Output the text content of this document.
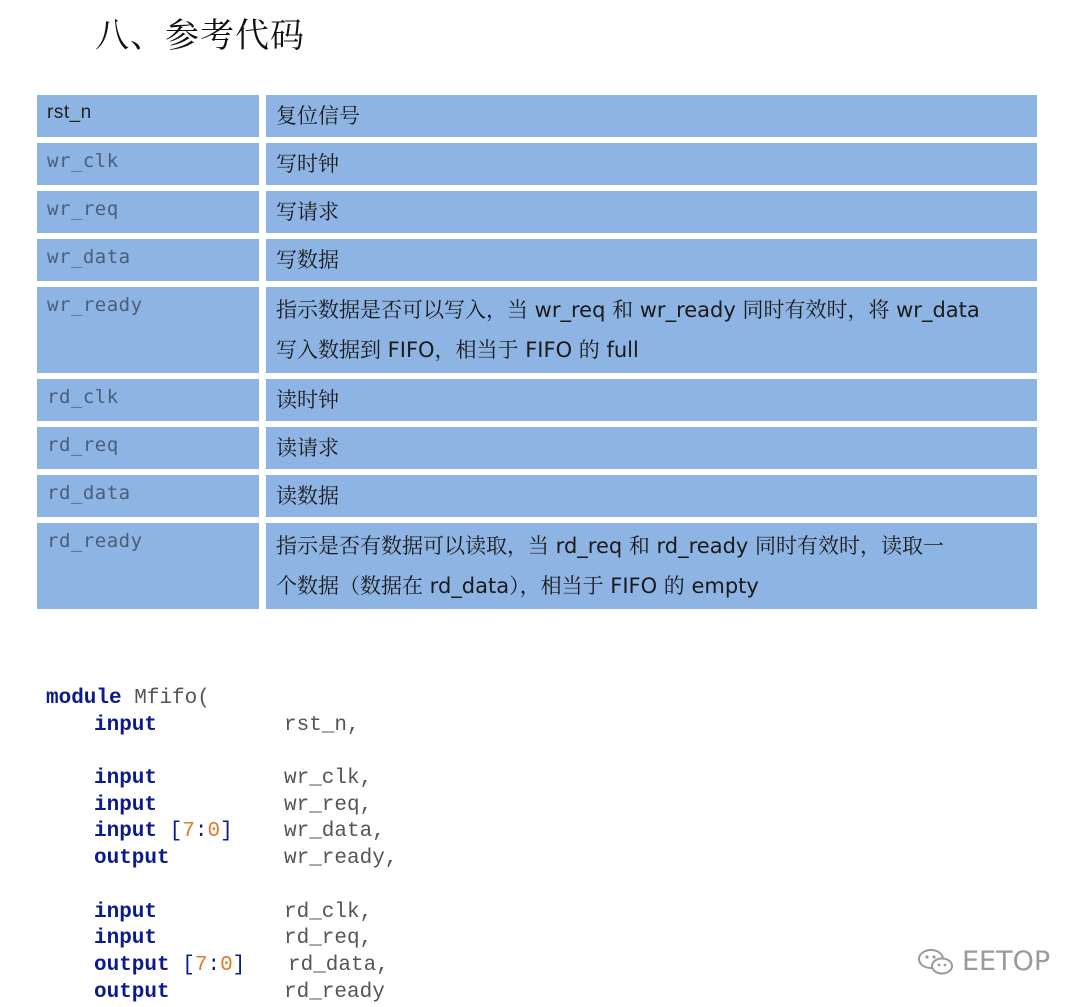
八、参考代码
rst_n	复位信号
wr_clk	写时钟
wr_req	写请求
wr_data	写数据
wr_ready	指示数据是否可以写入，当 wr_req 和 wr_ready 同时有效时，将 wr_data
写入数据到 FIFO，相当于 FIFO 的 full
rd_clk	读时钟
rd_req	读请求
rd_data	读数据
rd_ready	指示是否有数据可以读取，当 rd_req 和 rd_ready 同时有效时，读取一
个数据（数据在 rd_data），相当于 FIFO 的 empty
module Mfifo(
input	rst_n,
input	wr_clk,
input	wr_req,
input [7:0] wr_data,
output	wr_ready,
input	rd_clk,
input	rd_req,
output [7:0] rd_data,
output	rd_ready
EETOP
